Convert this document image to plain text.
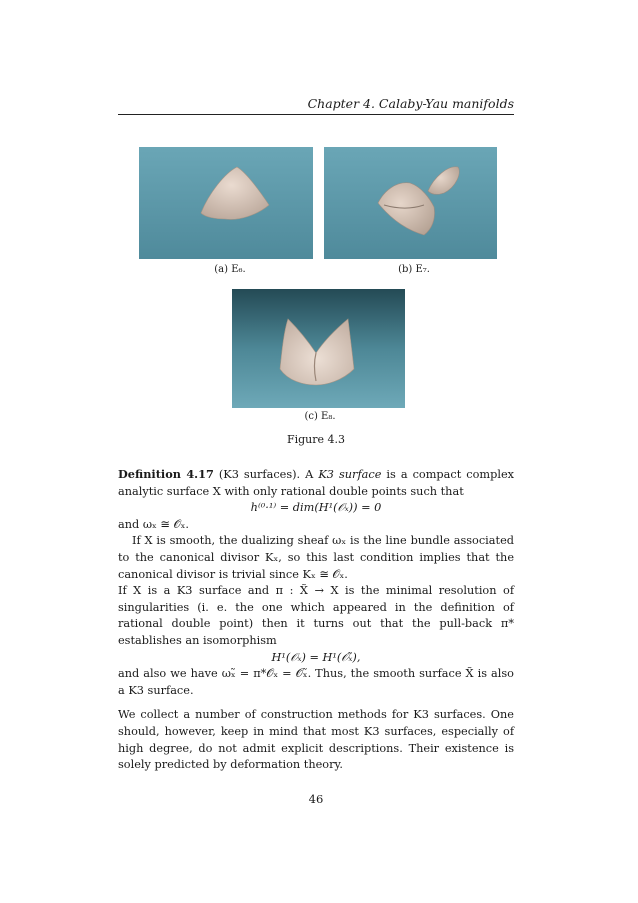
Chapter 4. Calaby-Yau manifolds
(a) E₆.	(b) E₇.
(c) E₈.
Figure 4.3

Definition 4.17 (K3 surfaces). A K3 surface is a compact complex analytic surface X with only rational double points such that

h⁽⁰·¹⁾ = dim(H¹(𝒪ₓ)) = 0

and ωₓ ≅ 𝒪ₓ.

If X is smooth, the dualizing sheaf ωₓ is the line bundle associated to the canonical divisor Kₓ, so this last condition implies that the canonical divisor is trivial since Kₓ ≅ 𝒪ₓ.

If X is a K3 surface and π : X̃ → X is the minimal resolution of singularities (i. e. the one which appeared in the definition of rational double point) then it turns out that the pull-back π* establishes an isomorphism

H¹(𝒪ₓ) = H¹(𝒪ₓ̃),

and also we have ωₓ̃ = π*𝒪ₓ = 𝒪ₓ̃. Thus, the smooth surface X̃ is also a K3 surface.

We collect a number of construction methods for K3 surfaces. One should, however, keep in mind that most K3 surfaces, especially of high degree, do not admit explicit descriptions. Their existence is solely predicted by deformation theory.

46
